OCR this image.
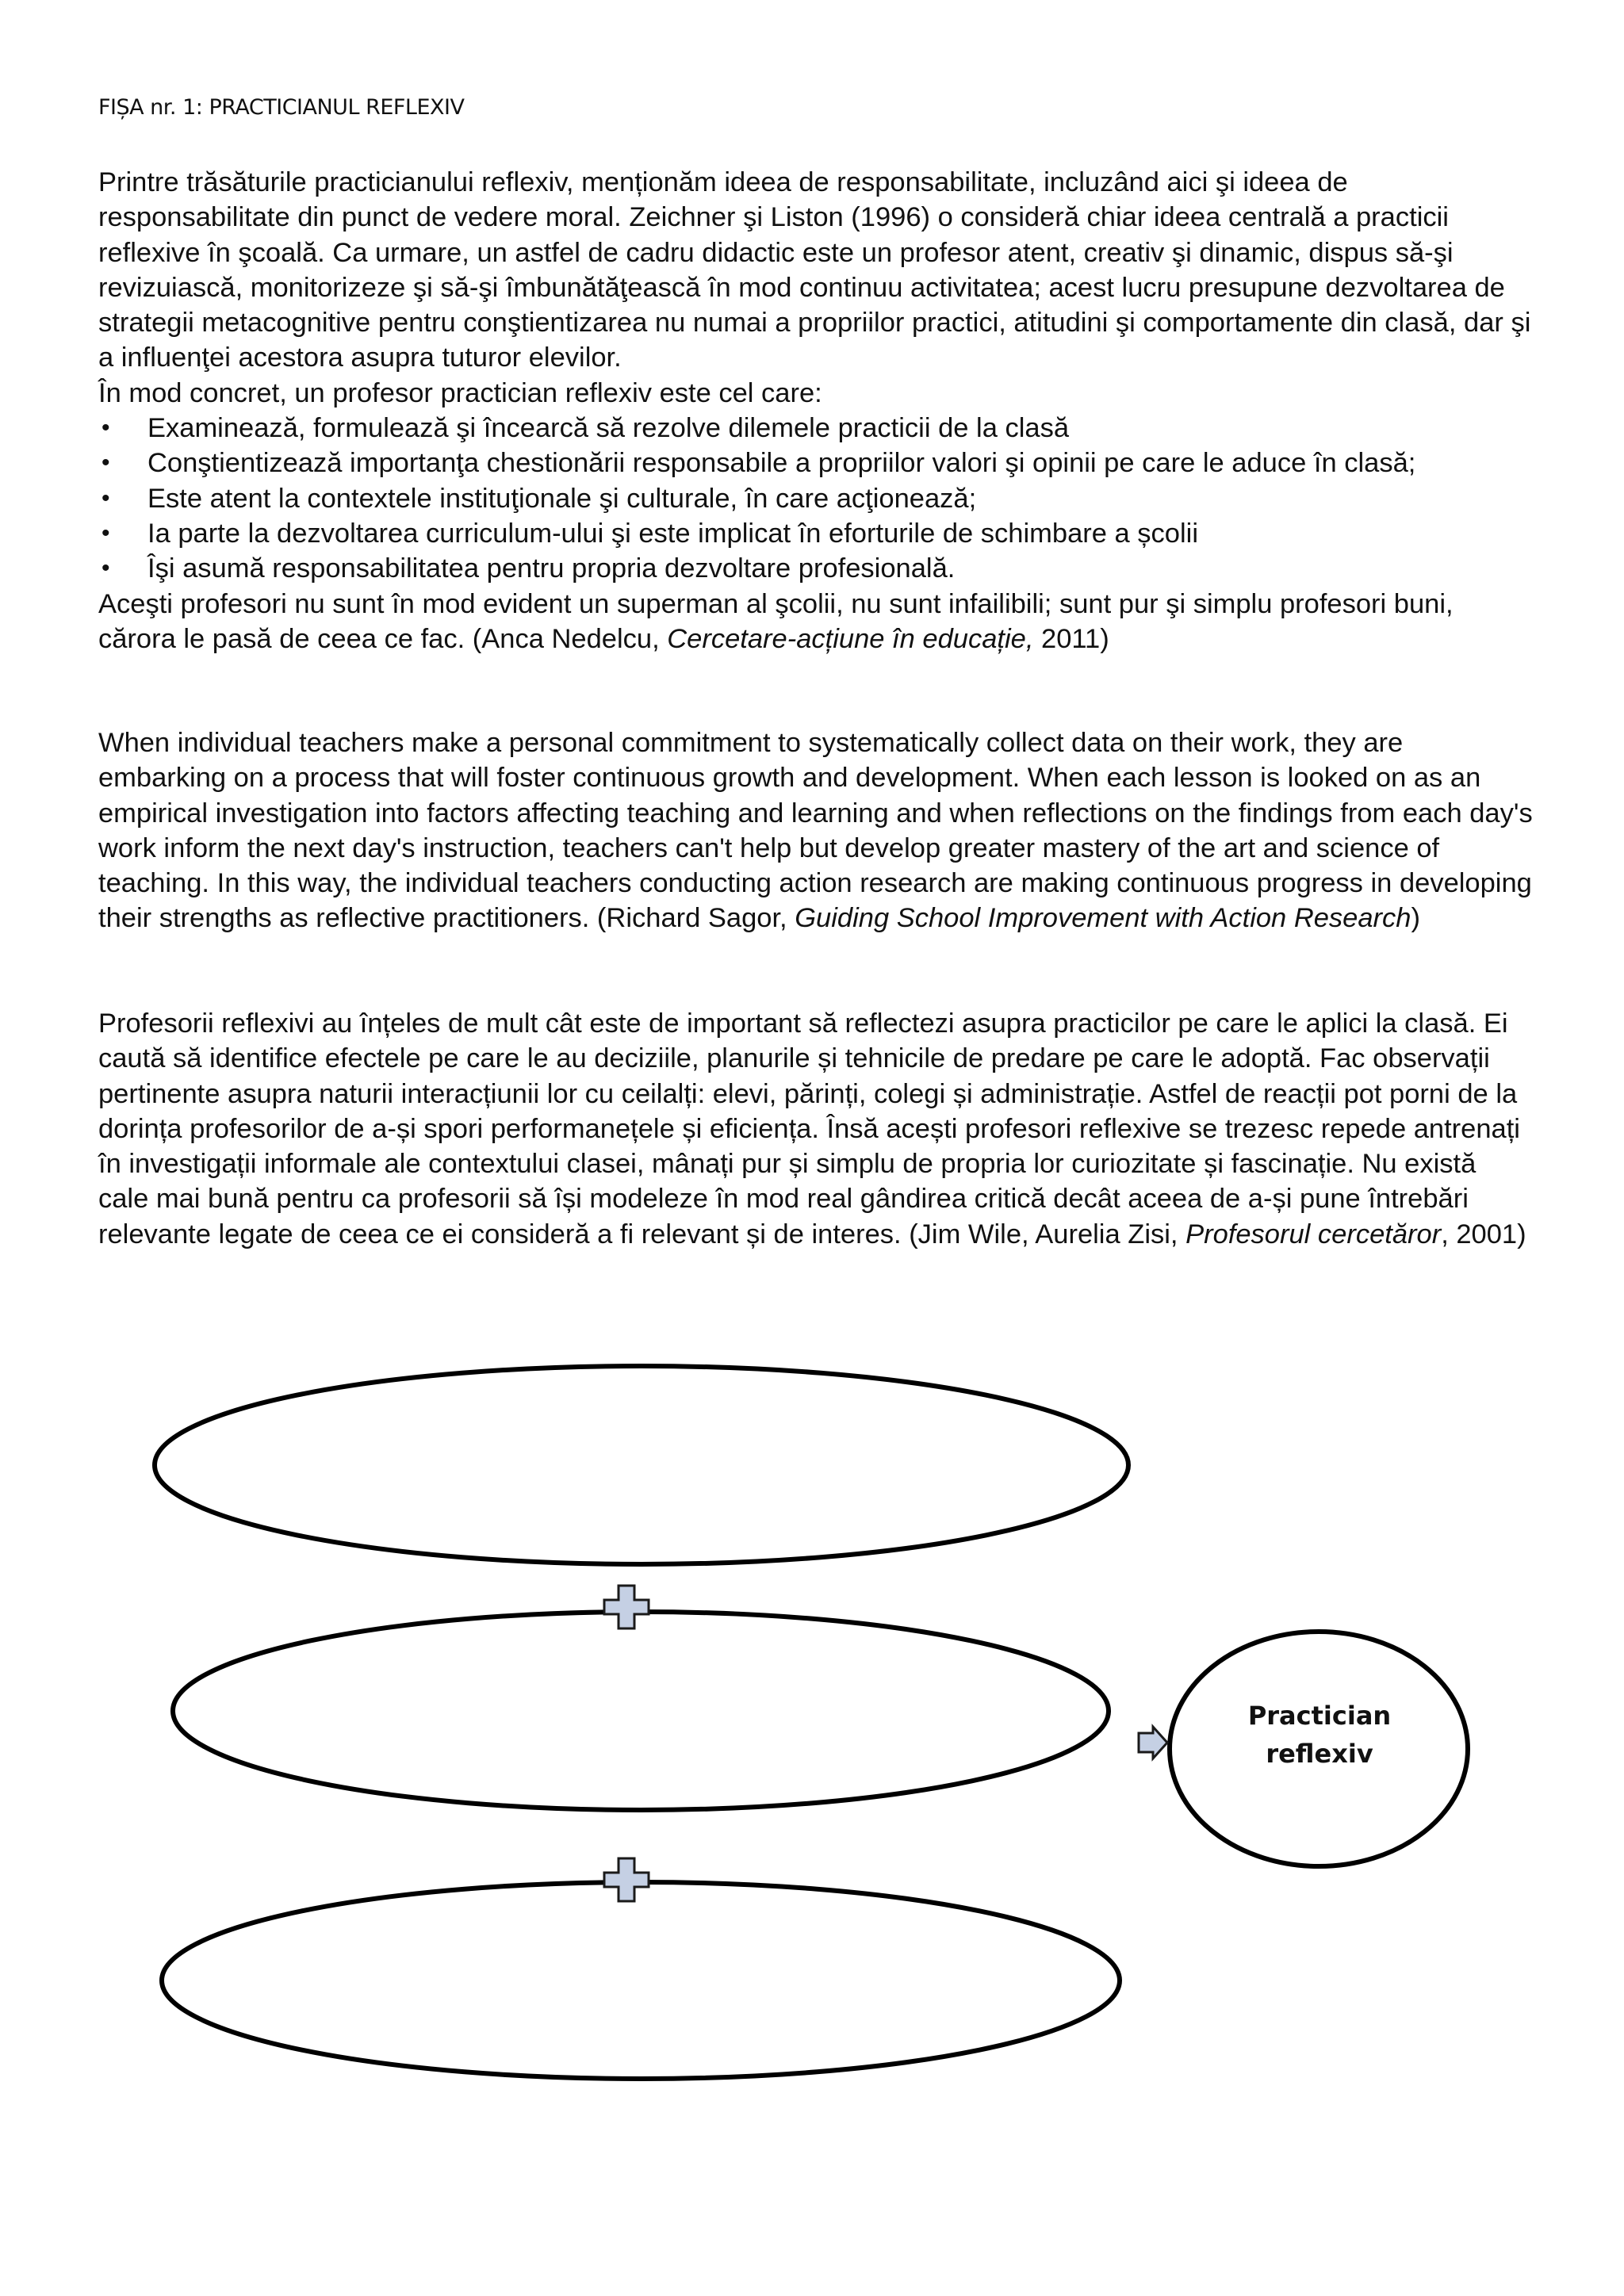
FIȘA nr. 1: PRACTICIANUL REFLEXIV

Printre trăsăturile practicianului reflexiv, menționăm ideea de responsabilitate, incluzând aici şi ideea de responsabilitate din punct de vedere moral. Zeichner şi Liston (1996) o consideră chiar ideea centrală a practicii reflexive în şcoală. Ca urmare, un astfel de cadru didactic este un profesor atent, creativ şi dinamic, dispus să-şi revizuiască, monitorizeze şi să-şi îmbunătăţească în mod continuu activitatea; acest lucru presupune dezvoltarea de strategii metacognitive pentru conştientizarea nu numai a propriilor practici, atitudini şi comportamente din clasă, dar şi a influenţei acestora asupra tuturor elevilor.

În mod concret, un profesor practician reflexiv este cel care:

• Examinează, formulează şi încearcă să rezolve dilemele practicii de la clasă
• Conştientizează importanţa chestionării responsabile a propriilor valori şi opinii pe care le aduce în clasă;
• Este atent la contextele instituţionale şi culturale, în care acţionează;
• Ia parte la dezvoltarea curriculum-ului şi este implicat în eforturile de schimbare a școlii
• Îşi asumă responsabilitatea pentru propria dezvoltare profesională.

Aceşti profesori nu sunt în mod evident un superman al şcolii, nu sunt infailibili; sunt pur şi simplu profesori buni, cărora le pasă de ceea ce fac. (Anca Nedelcu, Cercetare-acțiune în educație, 2011)

When individual teachers make a personal commitment to systematically collect data on their work, they are embarking on a process that will foster continuous growth and development. When each lesson is looked on as an empirical investigation into factors affecting teaching and learning and when reflections on the findings from each day's work inform the next day's instruction, teachers can't help but develop greater mastery of the art and science of teaching. In this way, the individual teachers conducting action research are making continuous progress in developing their strengths as reflective practitioners. (Richard Sagor, Guiding School Improvement with Action Research)

Profesorii reflexivi au înțeles de mult cât este de important să reflectezi asupra practicilor pe care le aplici la clasă. Ei caută să identifice efectele pe care le au deciziile, planurile și tehnicile de predare pe care le adoptă. Fac observații pertinente asupra naturii interacțiunii lor cu ceilalți: elevi, părinți, colegi și administrație. Astfel de reacții pot porni de la dorința profesorilor de a-și spori performanețele și eficiența. Însă acești profesori reflexive se trezesc repede antrenați în investigații informale ale contextului clasei, mânați pur și simplu de propria lor curiozitate și fascinație. Nu există cale mai bună pentru ca profesorii să își modeleze în mod real gândirea critică decât aceea de a-și pune întrebări relevante legate de ceea ce ei consideră a fi relevant și de interes. (Jim Wile, Aurelia Zisi, Profesorul cercetăror, 2001)

Practician
reflexiv
